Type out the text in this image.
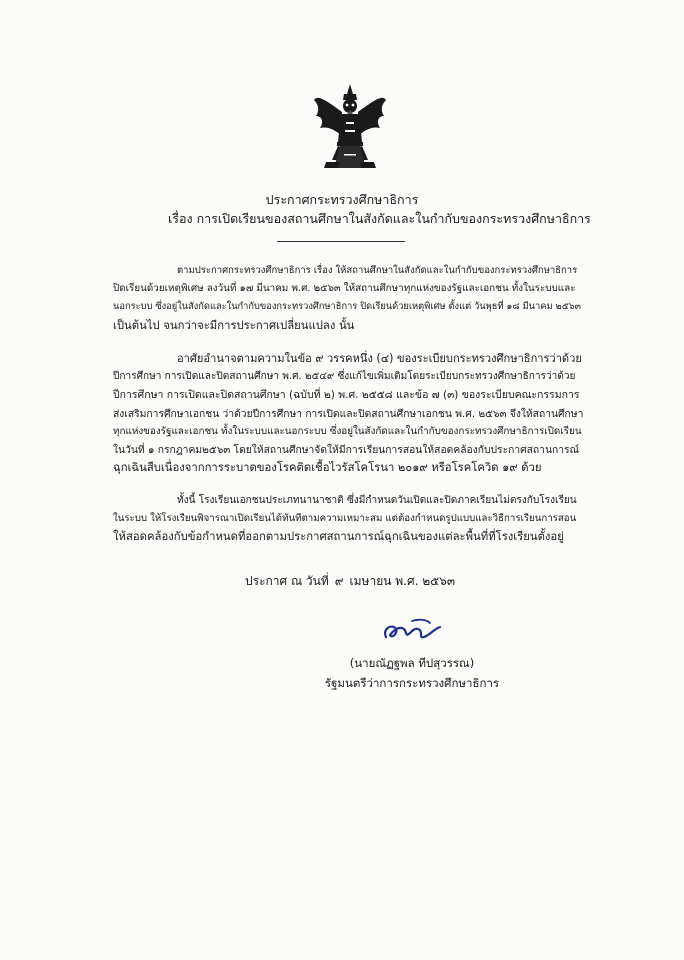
ประกาศกระทรวงศึกษาธิการ
เรื่อง การเปิดเรียนของสถานศึกษาในสังกัดและในกำกับของกระทรวงศึกษาธิการ
ตามประกาศกระทรวงศึกษาธิการ เรื่อง ให้สถานศึกษาในสังกัดและในกำกับของกระทรวงศึกษาธิการ
ปิดเรียนด้วยเหตุพิเศษ ลงวันที่ ๑๗ มีนาคม พ.ศ. ๒๕๖๓ ให้สถานศึกษาทุกแห่งของรัฐและเอกชน ทั้งในระบบและ
นอกระบบ ซึ่งอยู่ในสังกัดและในกำกับของกระทรวงศึกษาธิการ ปิดเรียนด้วยเหตุพิเศษ ตั้งแต่ วันพุธที่ ๑๘ มีนาคม ๒๕๖๓
เป็นต้นไป จนกว่าจะมีการประกาศเปลี่ยนแปลง นั้น
อาศัยอำนาจตามความในข้อ ๙ วรรคหนึ่ง (๔) ของระเบียบกระทรวงศึกษาธิการว่าด้วย
ปีการศึกษา การเปิดและปิดสถานศึกษา พ.ศ. ๒๕๔๙ ซึ่งแก้ไขเพิ่มเติมโดยระเบียบกระทรวงศึกษาธิการว่าด้วย
ปีการศึกษา การเปิดและปิดสถานศึกษา (ฉบับที่ ๒) พ.ศ. ๒๕๕๘ และข้อ ๗ (๓) ของระเบียบคณะกรรมการ
ส่งเสริมการศึกษาเอกชน ว่าด้วยปีการศึกษา การเปิดและปิดสถานศึกษาเอกชน พ.ศ. ๒๕๖๓ จึงให้สถานศึกษา
ทุกแห่งของรัฐและเอกชน ทั้งในระบบและนอกระบบ ซึ่งอยู่ในสังกัดและในกำกับของกระทรวงศึกษาธิการเปิดเรียน
ในวันที่ ๑ กรกฎาคม๒๕๖๓ โดยให้สถานศึกษาจัดให้มีการเรียนการสอนให้สอดคล้องกับประกาศสถานการณ์
ฉุกเฉินสืบเนื่องจากการระบาดของโรคติดเชื้อไวรัสโคโรนา ๒๐๑๙ หรือโรคโควิด ๑๙ ด้วย
ทั้งนี้ โรงเรียนเอกชนประเภทนานาชาติ ซึ่งมีกำหนดวันเปิดและปิดภาคเรียนไม่ตรงกับโรงเรียน
ในระบบ ให้โรงเรียนพิจารณาเปิดเรียนได้ทันทีตามความเหมาะสม แต่ต้องกำหนดรูปแบบและวิธีการเรียนการสอน
ให้สอดคล้องกับข้อกำหนดที่ออกตามประกาศสถานการณ์ฉุกเฉินของแต่ละพื้นที่ที่โรงเรียนตั้งอยู่
ประกาศ ณ วันที่ ๙ เมษายน พ.ศ. ๒๕๖๓
(นายณัฏฐพล ทีปสุวรรณ)
รัฐมนตรีว่าการกระทรวงศึกษาธิการ
